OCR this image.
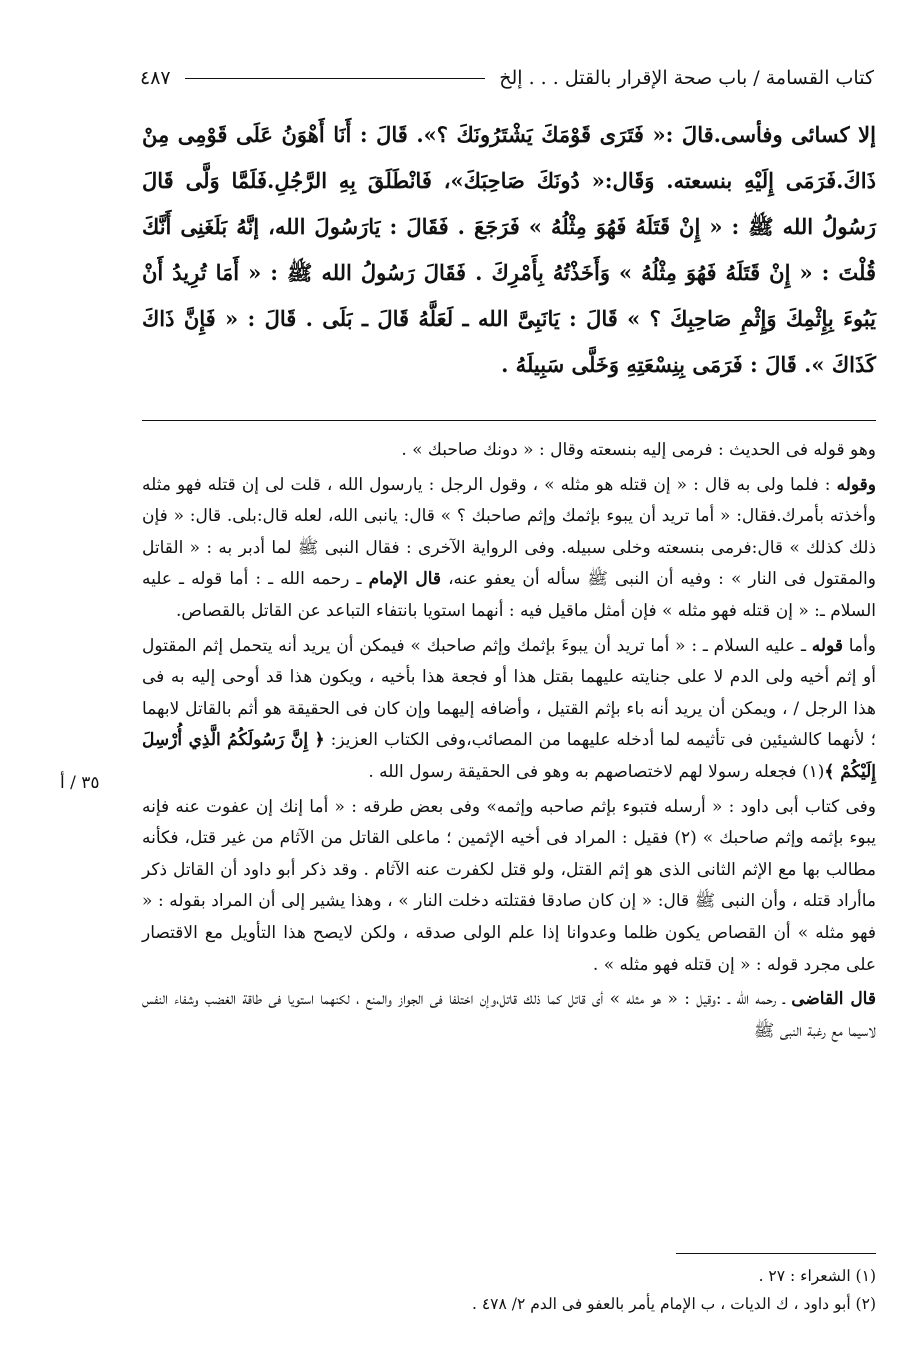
كتاب القسامة / باب صحة الإقرار بالقتل . . . إلخ
٤٨٧

إلا كسائى وفأسى.قالَ :« فَتَرَى قَوْمَكَ يَشْتَرُونَكَ ؟». قَالَ : أَنَا أَهْوَنُ عَلَى قَوْمِى مِنْ ذَاكَ.فَرَمَى إِلَيْهِ بنسعته. وَقَال:« دُونَكَ صَاحِبَكَ»، فَانْطَلَقَ بِهِ الرَّجُلِ.فَلَمَّا وَلَّى قَالَ رَسُولُ الله ﷺ : « إِنْ قَتَلَهُ فَهُوَ مِثْلُهُ » فَرَجَعَ . فَقَالَ : يَارَسُولَ الله، إنَّهُ بَلَغَنِى أَنَّكَ قُلْتَ : « إِنْ قَتَلَهُ فَهُوَ مِثْلُهُ » وَأَخَذْتُهُ بِأَمْرِكَ . فَقَالَ رَسُولُ الله ﷺ : « أَمَا تُرِيدُ أَنْ يَبُوءَ بِإِثْمِكَ وَإِثْمِ صَاحِبِكَ ؟ » قَالَ : يَانَبِىَّ الله ـ لَعَلَّهُ قَالَ ـ بَلَى . قَالَ : « فَإِنَّ ذَاكَ كَذَاكَ ». قَالَ : فَرَمَى بِنِسْعَتِهِ وَخَلَّى سَبِيلَهُ .

وهو قوله فى الحديث : فرمى إليه بنسعته وقال : « دونك صاحبك » .

وقوله : فلما ولى به قال : « إن قتله هو مثله » ، وقول الرجل : يارسول الله ، قلت لى إن قتله فهو مثله وأخذته بأمرك.فقال: « أما تريد أن يبوء بإثمك وإثم صاحبك ؟ » قال: يانبى الله، لعله قال:بلى. قال: « فإن ذلك كذلك » قال:فرمى بنسعته وخلى سبيله. وفى الرواية الآخرى : فقال النبى ﷺ لما أدبر به : « القاتل والمقتول فى النار » : وفيه أن النبى ﷺ سأله أن يعفو عنه، قال الإمام ـ رحمه الله ـ : أما قوله ـ عليه السلام ـ: « إن قتله فهو مثله » فإن أمثل ماقيل فيه : أنهما استويا بانتفاء التباعد عن القاتل بالقصاص.

وأما قوله ـ عليه السلام ـ : « أما تريد أن يبوءَ بإثمك وإثم صاحبك » فيمكن أن يريد أنه يتحمل إثم المقتول أو إثم أخيه ولى الدم لا على جنايته عليهما بقتل هذا أو فجعة هذا بأخيه ، ويكون هذا قد أوحى إليه به فى هذا الرجل / ، ويمكن أن يريد أنه باء بإثم القتيل ، وأضافه إليهما وإن كان فى الحقيقة هو أثم بالقاتل لابهما ؛ لأنهما كالشيئين فى تأثيمه لما أدخله عليهما من المصائب،وفى الكتاب العزيز: ﴿ إِنَّ رَسُولَكُمُ الَّذِي أُرْسِلَ إِلَيْكُمْ ﴾(١) فجعله رسولا لهم لاختصاصهم به وهو فى الحقيقة رسول الله .

وفى كتاب أبى داود : « أرسله فتبوء بإثم صاحبه وإثمه» وفى بعض طرقه : « أما إنك إن عفوت عنه فإنه يبوء بإثمه وإثم صاحبك » (٢) فقيل : المراد فى أخيه الإثمين ؛ ماعلى القاتل من الآثام من غير قتل، فكأنه مطالب بها مع الإثم الثانى الذى هو إثم القتل، ولو قتل لكفرت عنه الآثام . وقد ذكر أبو داود أن القاتل ذكر ماأراد قتله ، وأن النبى ﷺ قال: « إن كان صادقا فقتلته دخلت النار » ، وهذا يشير إلى أن المراد بقوله : « فهو مثله » أن القصاص يكون ظلما وعدوانا إذا علم الولى صدقه ، ولكن لايصح هذا التأويل مع الاقتصار على مجرد قوله : « إن قتله فهو مثله » .

قال القاضى ـ رحمه الله ـ :وقيل : « هو مثله » أى قاتل كما ذلك قاتل،وإن اختلفا فى الجواز والمنع ، لكنهما استويا فى طاقة الغضب وشفاء النفس لاسيما مع رغبة النبى ﷺ

٣٥ / أ

(١) الشعراء : ٢٧ .

(٢) أبو داود ، ك الديات ، ب الإمام يأمر بالعفو فى الدم ٢/ ٤٧٨ .
